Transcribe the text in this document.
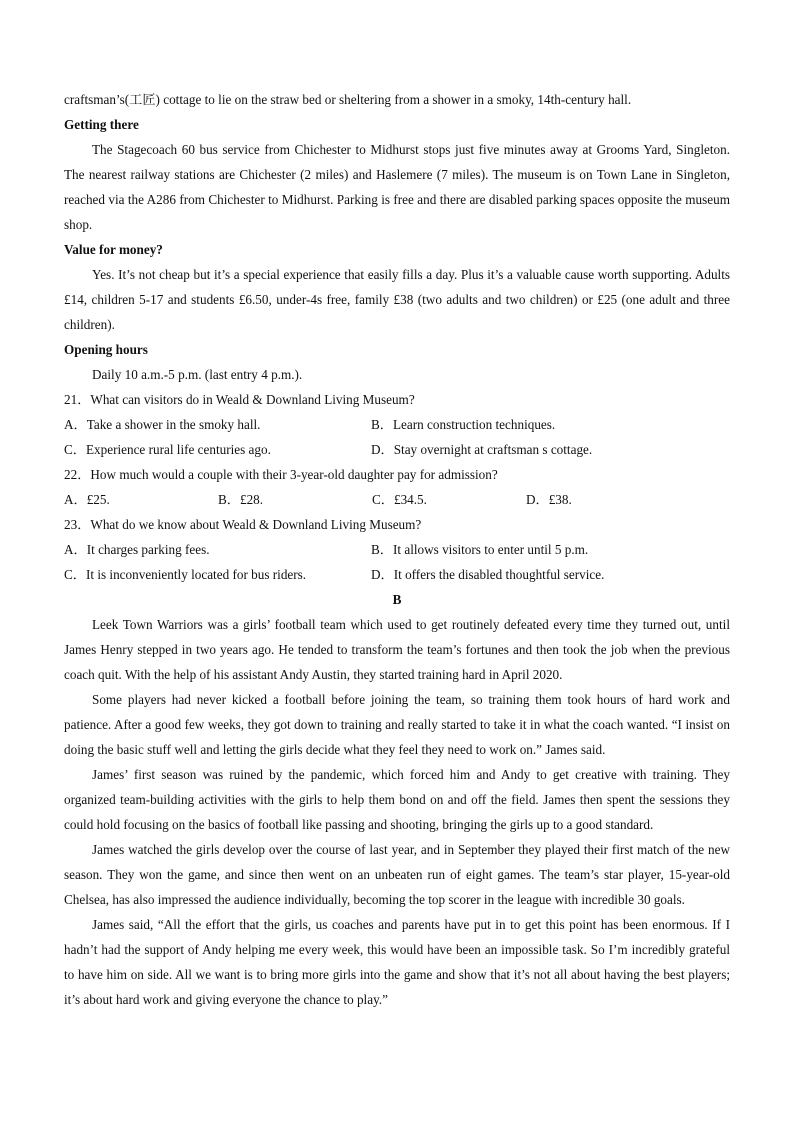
craftsman’s(工匠) cottage to lie on the straw bed or sheltering from a shower in a smoky, 14th-century hall.

Getting there

The Stagecoach 60 bus service from Chichester to Midhurst stops just five minutes away at Grooms Yard, Singleton. The nearest railway stations are Chichester (2 miles) and Haslemere (7 miles). The museum is on Town Lane in Singleton, reached via the A286 from Chichester to Midhurst. Parking is free and there are disabled parking spaces opposite the museum shop.

Value for money?

Yes. It’s not cheap but it’s a special experience that easily fills a day. Plus it’s a valuable cause worth supporting. Adults £14, children 5-17 and students £6.50, under-4s free, family £38 (two adults and two children) or £25 (one adult and three children).

Opening hours

Daily 10 a.m.-5 p.m. (last entry 4 p.m.).

21．What can visitors do in Weald & Downland Living Museum?

A．Take a shower in the smoky hall.	B．Learn construction techniques.
C．Experience rural life centuries ago.	D．Stay overnight at craftsman s cottage.

22．How much would a couple with their 3-year-old daughter pay for admission?

A．£25.	B．£28.	C．£34.5.	D．£38.

23．What do we know about Weald & Downland Living Museum?

A．It charges parking fees.	B．It allows visitors to enter until 5 p.m.
C．It is inconveniently located for bus riders.	D．It offers the disabled thoughtful service.

B

Leek Town Warriors was a girls’ football team which used to get routinely defeated every time they turned out, until James Henry stepped in two years ago. He tended to transform the team’s fortunes and then took the job when the previous coach quit. With the help of his assistant Andy Austin, they started training hard in April 2020.

Some players had never kicked a football before joining the team, so training them took hours of hard work and patience. After a good few weeks, they got down to training and really started to take it in what the coach wanted. “I insist on doing the basic stuff well and letting the girls decide what they feel they need to work on.” James said.

James’ first season was ruined by the pandemic, which forced him and Andy to get creative with training. They organized team-building activities with the girls to help them bond on and off the field. James then spent the sessions they could hold focusing on the basics of football like passing and shooting, bringing the girls up to a good standard.

James watched the girls develop over the course of last year, and in September they played their first match of the new season. They won the game, and since then went on an unbeaten run of eight games. The team’s star player, 15-year-old Chelsea, has also impressed the audience individually, becoming the top scorer in the league with incredible 30 goals.

James said, “All the effort that the girls, us coaches and parents have put in to get this point has been enormous. If I hadn’t had the support of Andy helping me every week, this would have been an impossible task. So I’m incredibly grateful to have him on side. All we want is to bring more girls into the game and show that it’s not all about having the best players; it’s about hard work and giving everyone the chance to play.”
